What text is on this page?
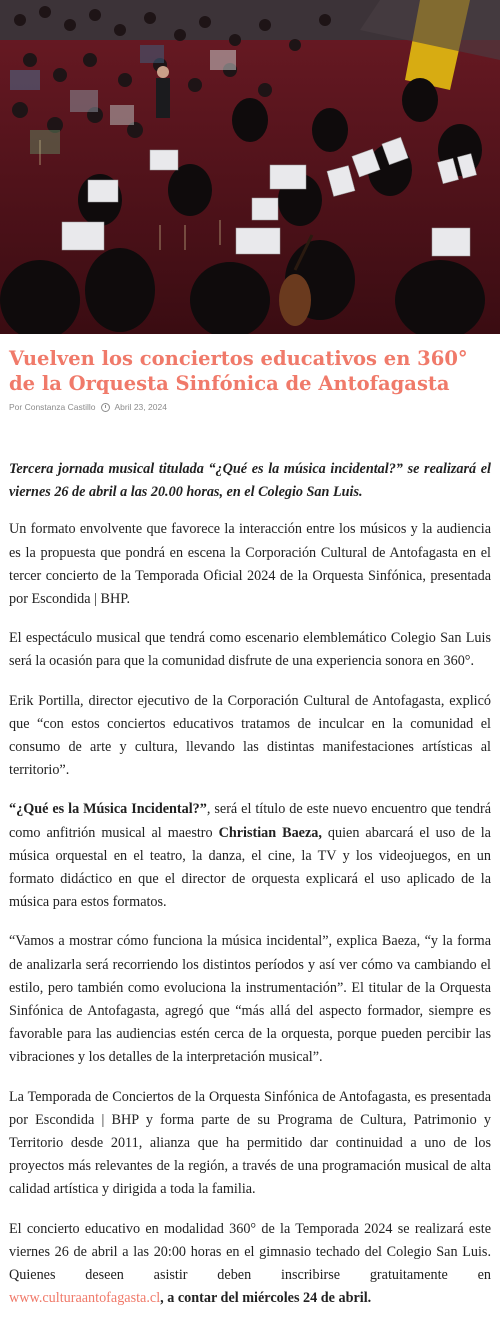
Vuelven los conciertos educativos en 360° de la Orquesta Sinfónica de Antofagasta
Por Constanza Castillo Abril 23, 2024

Tercera jornada musical titulada “¿Qué es la música incidental?” se realizará el viernes 26 de abril a las 20.00 horas, en el Colegio San Luis.

Un formato envolvente que favorece la interacción entre los músicos y la audiencia es la propuesta que pondrá en escena la Corporación Cultural de Antofagasta en el tercer concierto de la Temporada Oficial 2024 de la Orquesta Sinfónica, presentada por Escondida | BHP.

El espectáculo musical que tendrá como escenario elemblemático Colegio San Luis será la ocasión para que la comunidad disfrute de una experiencia sonora en 360°.

Erik Portilla, director ejecutivo de la Corporación Cultural de Antofagasta, explicó que “con estos conciertos educativos tratamos de inculcar en la comunidad el consumo de arte y cultura, llevando las distintas manifestaciones artísticas al territorio”.

“¿Qué es la Música Incidental?”, será el título de este nuevo encuentro que tendrá como anfitrión musical al maestro Christian Baeza, quien abarcará el uso de la música orquestal en el teatro, la danza, el cine, la TV y los videojuegos, en un formato didáctico en que el director de orquesta explicará el uso aplicado de la música para estos formatos.

“Vamos a mostrar cómo funciona la música incidental”, explica Baeza, “y la forma de analizarla será recorriendo los distintos períodos y así ver cómo va cambiando el estilo, pero también como evoluciona la instrumentación”. El titular de la Orquesta Sinfónica de Antofagasta, agregó que “más allá del aspecto formador, siempre es favorable para las audiencias estén cerca de la orquesta, porque pueden percibir las vibraciones y los detalles de la interpretación musical”.

La Temporada de Conciertos de la Orquesta Sinfónica de Antofagasta, es presentada por Escondida | BHP y forma parte de su Programa de Cultura, Patrimonio y Territorio desde 2011, alianza que ha permitido dar continuidad a uno de los proyectos más relevantes de la región, a través de una programación musical de alta calidad artística y dirigida a toda la familia.

El concierto educativo en modalidad 360° de la Temporada 2024 se realizará este viernes 26 de abril a las 20:00 horas en el gimnasio techado del Colegio San Luis. Quienes deseen asistir deben inscribirse gratuitamente en www.culturaantofagasta.cl, a contar del miércoles 24 de abril.
